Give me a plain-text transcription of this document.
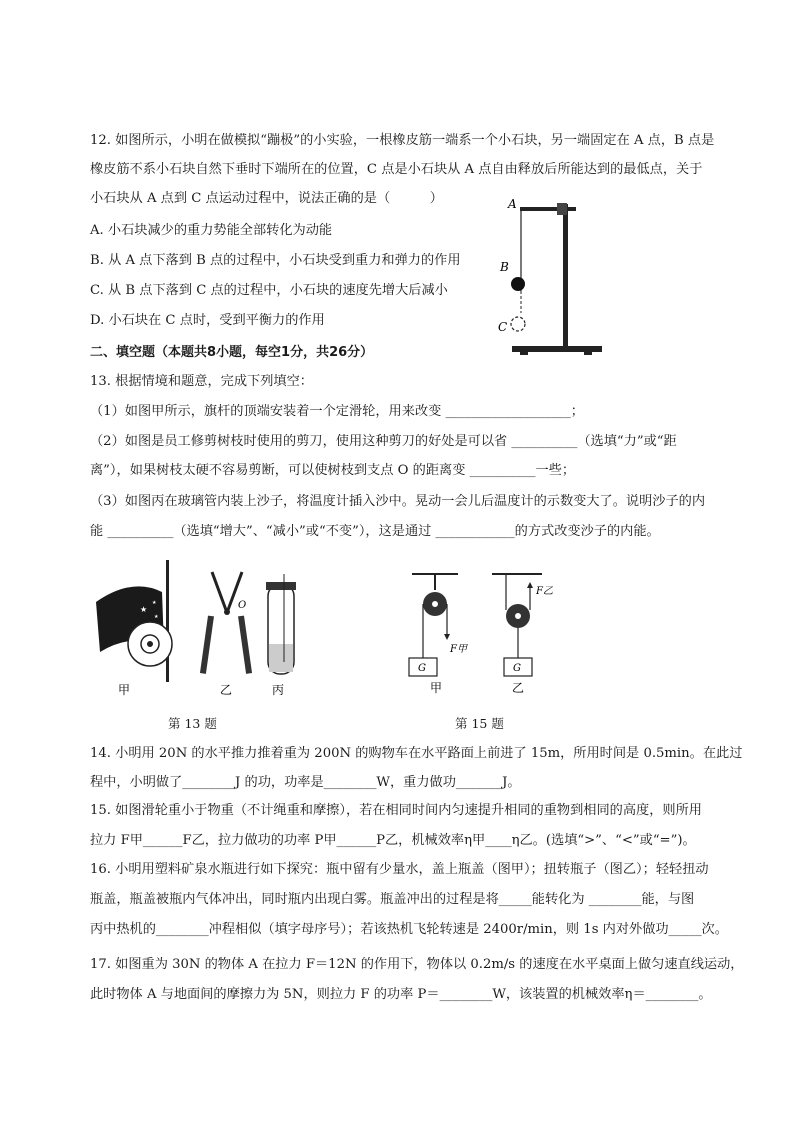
12. 如图所示，小明在做模拟“蹦极”的小实验，一根橡皮筋一端系一个小石块，另一端固定在 A 点，B 点是
橡皮筋不系小石块自然下垂时下端所在的位置，C 点是小石块从 A 点自由释放后所能达到的最低点，关于
小石块从 A 点到 C 点运动过程中，说法正确的是（　　　）
A. 小石块减少的重力势能全部转化为动能
B. 从 A 点下落到 B 点的过程中，小石块受到重力和弹力的作用
C. 从 B 点下落到 C 点的过程中，小石块的速度先增大后减小
D. 小石块在 C 点时，受到平衡力的作用
A
B
C
二、填空题（本题共8小题，每空1分，共26分）
13. 根据情境和题意，完成下列填空：
（1）如图甲所示，旗杆的顶端安装着一个定滑轮，用来改变 ___________________；
（2）如图是员工修剪树枝时使用的剪刀，使用这种剪刀的好处是可以省 __________（选填“力”或“距
离”），如果树枝太硬不容易剪断，可以使树枝到支点 O 的距离变 __________一些；
（3）如图丙在玻璃管内装上沙子，将温度计插入沙中。晃动一会儿后温度计的示数变大了。说明沙子的内
能 __________（选填“增大”、“减小”或“不变”），这是通过 ____________的方式改变沙子的内能。
★
★
★
甲
O
乙	丙
F甲
G
甲
F乙
G
乙
第 13 题	第 15 题
14. 小明用 20N 的水平推力推着重为 200N 的购物车在水平路面上前进了 15m，所用时间是 0.5min。在此过
程中，小明做了________J 的功，功率是________W，重力做功_______J。
15. 如图滑轮重小于物重（不计绳重和摩擦），若在相同时间内匀速提升相同的重物到相同的高度，则所用
拉力 F甲______F乙，拉力做功的功率 P甲______P乙，机械效率η甲____η乙。(选填“>”、“<”或“=”)。
16. 小明用塑料矿泉水瓶进行如下探究：瓶中留有少量水，盖上瓶盖（图甲）；扭转瓶子（图乙）；轻轻扭动
瓶盖，瓶盖被瓶内气体冲出，同时瓶内出现白雾。瓶盖冲出的过程是将_____能转化为 ________能，与图
丙中热机的________冲程相似（填字母序号）；若该热机飞轮转速是 2400r/min，则 1s 内对外做功_____次。
17. 如图重为 30N 的物体 A 在拉力 F＝12N 的作用下，物体以 0.2m/s 的速度在水平桌面上做匀速直线运动，
此时物体 A 与地面间的摩擦力为 5N，则拉力 F 的功率 P＝________W，该装置的机械效率η＝________。
